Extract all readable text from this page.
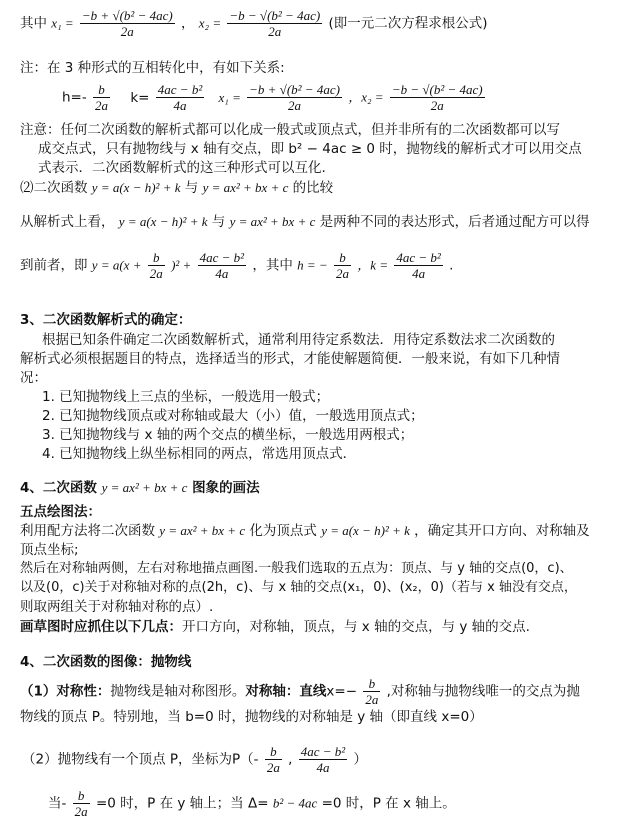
其中 $x_1 = \frac{\text{−b + √(b² − 4ac)}}{2a}$ ， $x_2 = \frac{\text{−b − √(b² − 4ac)}}{2a}$ (即一元二次方程求根公式)
注：在 3 种形式的互相转化中，有如下关系:
$h=- \frac{b}{2a} k= \frac{\text{4ac − b²}}{4a} x_1 = \frac{\text{−b + √(b² − 4ac)}}{2a}$ ，$x_2 = \frac{\text{−b − √(b² − 4ac)}}{2a}$
注意：任何二次函数的解析式都可以化成一般式或顶点式，但并非所有的二次函数都可以写
成交点式，只有抛物线与 x 轴有交点，即 b² − 4ac ≥ 0 时，抛物线的解析式才可以用交点
式表示．二次函数解析式的这三种形式可以互化.
⑵二次函数 y = a(x − h)² + k 与 y = ax² + bx + c 的比较
从解析式上看， y = a(x − h)² + k 与 y = ax² + bx + c 是两种不同的表达形式，后者通过配方可以得
到前者，即 $y = a(x + \frac{b}{2a} )^2 + \frac{\text{4ac − b²}}{4a}$ ，其中 h = − $\frac{b}{2a}$ ，$k = \frac{\text{4ac − b²}}{4a}$ .
3、二次函数解析式的确定：
根据已知条件确定二次函数解析式，通常利用待定系数法．用待定系数法求二次函数的
解析式必须根据题目的特点，选择适当的形式，才能使解题简便．一般来说，有如下几种情
况：
1. 已知抛物线上三点的坐标，一般选用一般式；
2. 已知抛物线顶点或对称轴或最大（小）值，一般选用顶点式；
3. 已知抛物线与 x 轴的两个交点的横坐标，一般选用两根式；
4. 已知抛物线上纵坐标相同的两点，常选用顶点式．
4、二次函数 y = ax² + bx + c 图象的画法
五点绘图法：
利用配方法将二次函数 y = ax² + bx + c 化为顶点式 y = a(x − h)² + k ，确定其开口方向、对称轴及
顶点坐标;
然后在对称轴两侧，左右对称地描点画图.一般我们选取的五点为：顶点、与 y 轴的交点(0，c)、
以及(0，c)关于对称轴对称的点(2h，c)、与 x 轴的交点(x₁，0)、(x₂，0)（若与 x 轴没有交点，
则取两组关于对称轴对称的点）.
画草图时应抓住以下几点：开口方向，对称轴，顶点，与 x 轴的交点，与 y 轴的交点.
4、二次函数的图像：抛物线
（1）对称性：抛物线是轴对称图形。对称轴：直线$x=- \frac{b}{2a}$ ,对称轴与抛物线唯一的交点为抛
物线的顶点 P。特别地，当 b=0 时，抛物线的对称轴是 y 轴（即直线 x=0）
（2）抛物线有一个顶点 P，坐标为$P(- \frac{b}{2a}$ , $\frac{\text{4ac − b²}}{4a}$ ）
当- $\frac{b}{2a} =0$ 时，P 在 y 轴上；当 Δ= b² − 4ac =0 时，P 在 x 轴上。
